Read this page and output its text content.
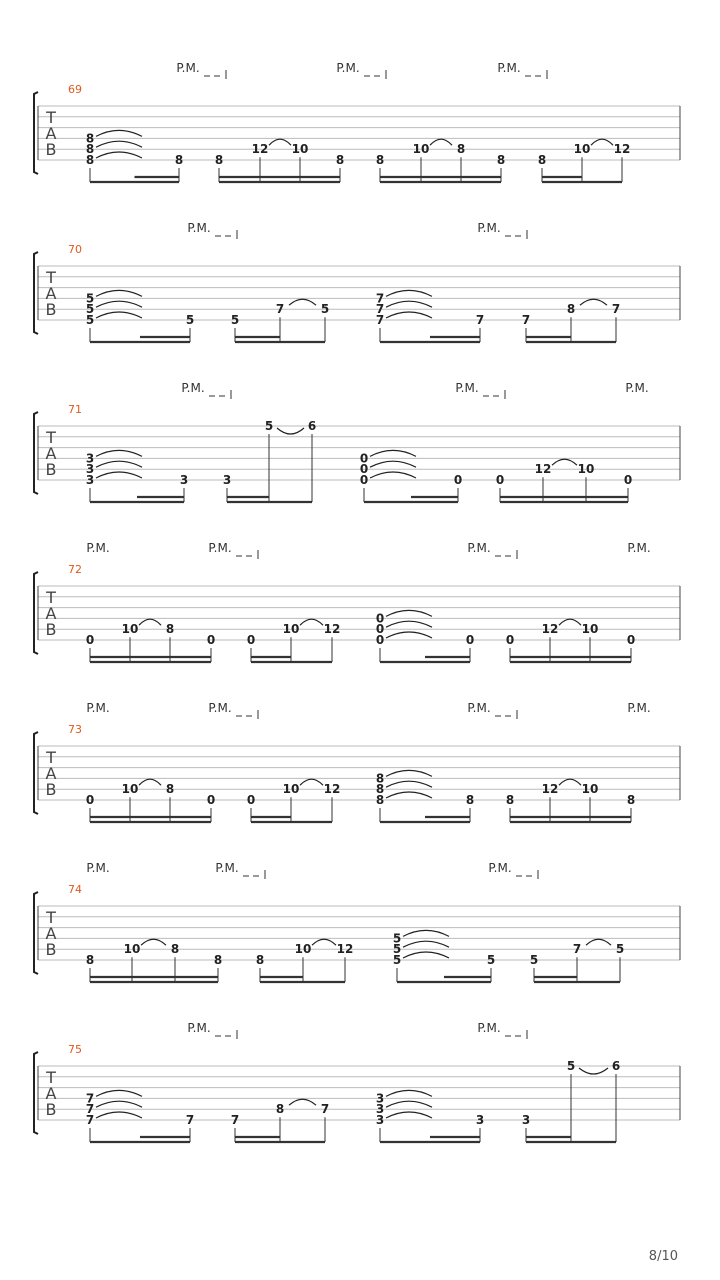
T
A
B
69
P.M.	P.M.	P.M.
8
8
8	8	8
12 10
8	8
10 8
8	8
10 12
T
A
B
70
P.M.	P.M.
5
5
5	5	5
7	5
7
7
7	7	7
8	7
T
A
B
71
P.M.	P.M.	P.M.
3
3
3	3	3
5	6
0
0
0	0	0
12 10
0
T
A
B
72
P.M.	P.M.	P.M.	P.M.
0
10 8
0	0
10 12
0
0
0	0	0
12 10
0
T
A
B
73
P.M.	P.M.	P.M.	P.M.
0
10 8
0	0
10 12
8
8
8	8	8
12 10
8
T
A
B
74
P.M.	P.M.	P.M.
8
10	8
8	8
10 12
5
5
5	5	5
7	5
T
A
B
75
P.M.	P.M.
7
7
7	7	7
8	7
3
3
3	3	3
5	6
8/10
